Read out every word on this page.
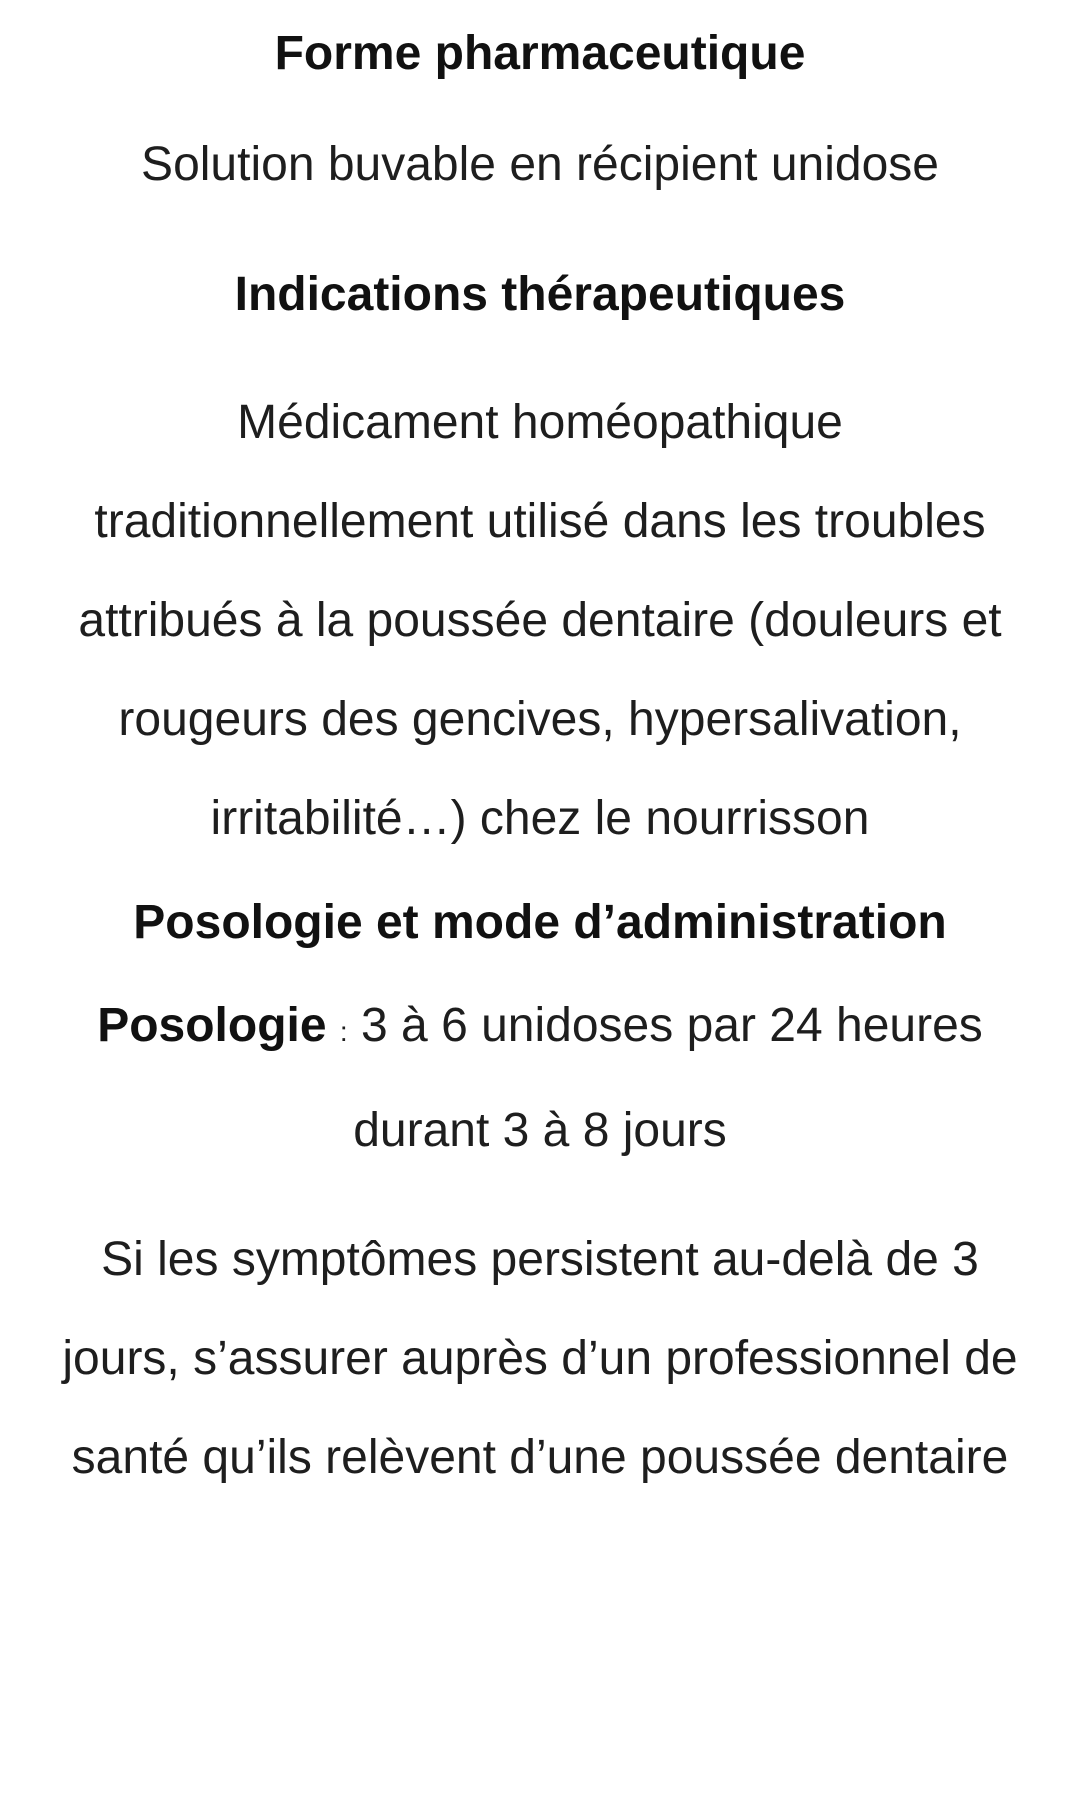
Forme pharmaceutique

Solution buvable en récipient unidose

Indications thérapeutiques

Médicament homéopathique traditionnellement utilisé dans les troubles attribués à la poussée dentaire (douleurs et rougeurs des gencives, hypersalivation, irritabilité…) chez le nourrisson

Posologie et mode d’administration

Posologie : 3 à 6 unidoses par 24 heures durant 3 à 8 jours

Si les symptômes persistent au-delà de 3 jours, s’assurer auprès d’un professionnel de santé qu’ils relèvent d’une poussée dentaire
